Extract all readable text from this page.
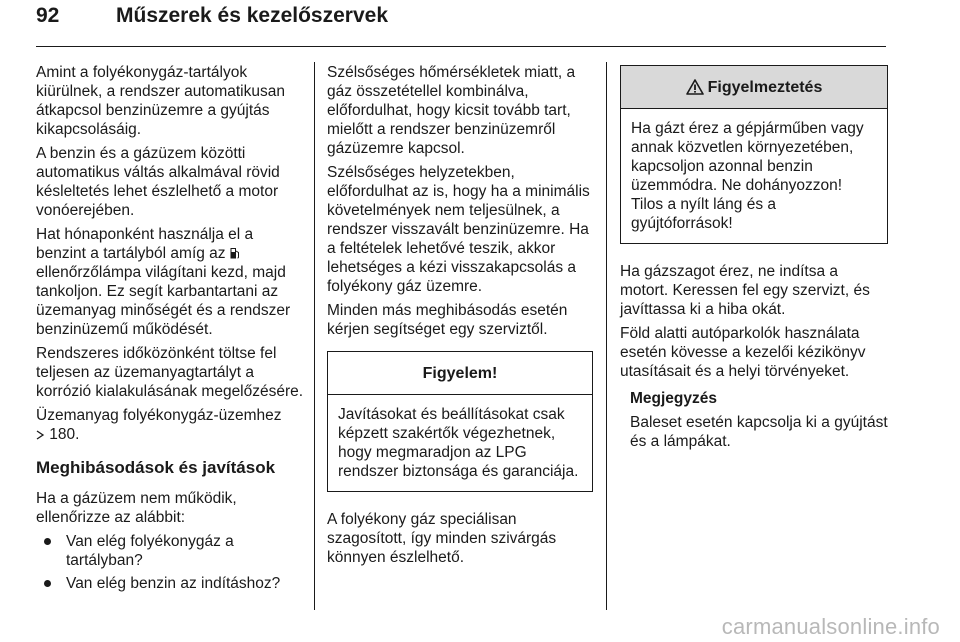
92	Műszerek és kezelőszervek

Amint a folyékonygáz-tartályok kiürülnek, a rendszer automatikusan átkapcsol benzinüzemre a gyújtás kikapcsolásáig.

A benzin és a gázüzem közötti automatikus váltás alkalmával rövid késleltetés lehet észlelhető a motor vonóerejében.

Hat hónaponként használja el a benzint a tartályból amíg az  ellenőrzőlámpa világítani kezd, majd tankoljon. Ez segít karbantartani az üzemanyag minőségét és a rendszer benzinüzemű működését.

Rendszeres időközönként töltse fel teljesen az üzemanyagtartályt a korrózió kialakulásának megelőzésére.

Üzemanyag folyékonygáz-üzemhez
180.

Meghibásodások és javítások

Ha a gázüzem nem működik, ellenőrizze az alábbit:

Van elég folyékonygáz a tartályban?
Van elég benzin az indításhoz?

Szélsőséges hőmérsékletek miatt, a gáz összetétellel kombinálva, előfordulhat, hogy kicsit tovább tart, mielőtt a rendszer benzinüzemről gázüzemre kapcsol.

Szélsőséges helyzetekben, előfordulhat az is, hogy ha a minimális követelmények nem teljesülnek, a rendszer visszavált benzinüzemre. Ha a feltételek lehetővé teszik, akkor lehetséges a kézi visszakapcsolás a folyékony gáz üzemre.

Minden más meghibásodás esetén kérjen segítséget egy szerviztől.

Figyelem!
Javításokat és beállításokat csak képzett szakértők végezhetnek, hogy megmaradjon az LPG rendszer biztonsága és garanciája.

A folyékony gáz speciálisan szagosított, így minden szivárgás könnyen észlelhető.

Figyelmeztetés
Ha gázt érez a gépjárműben vagy annak közvetlen környezetében, kapcsoljon azonnal benzin üzemmódra. Ne dohányozzon! Tilos a nyílt láng és a gyújtóforrások!

Ha gázszagot érez, ne indítsa a motort. Keressen fel egy szervizt, és javíttassa ki a hiba okát.

Föld alatti autóparkolók használata esetén kövesse a kezelői kézikönyv utasításait és a helyi törvényeket.

Megjegyzés

Baleset esetén kapcsolja ki a gyújtást és a lámpákat.

carmanualsonline.info
